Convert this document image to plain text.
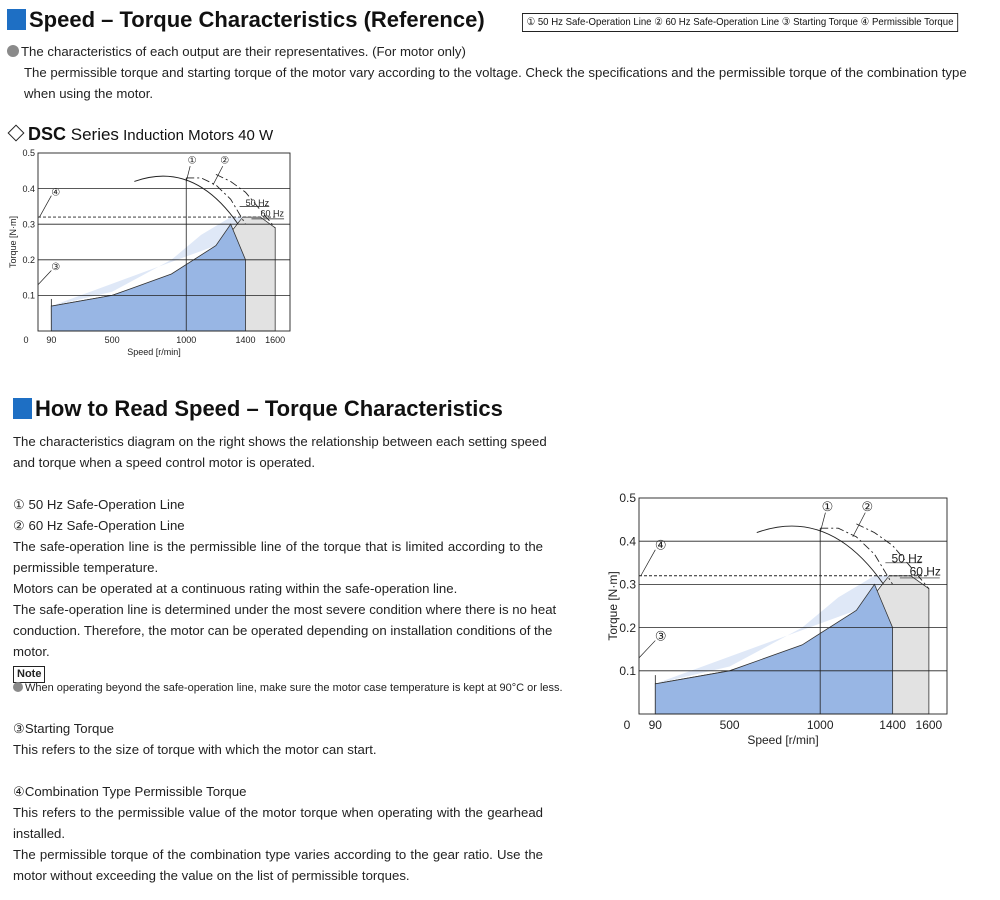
Speed – Torque Characteristics (Reference)	① 50 Hz Safe-Operation Line ② 60 Hz Safe-Operation Line ③ Starting Torque ④ Permissible Torque
The characteristics of each output are their representatives. (For motor only)
The permissible torque and starting torque of the motor vary according to the voltage. Check the specifications and the permissible torque of the combination type
when using the motor.
DSC Series Induction Motors 40 W
0.1
0.2
0.3
0.4
0.5
0 90	500	1000	1400 1600
Speed [r/min]
Torque [N·m]
① ②
③
④
50 Hz
60 Hz
How to Read Speed – Torque Characteristics
The characteristics diagram on the right shows the relationship between each setting speed
and torque when a speed control motor is operated.
① 50 Hz Safe-Operation Line
② 60 Hz Safe-Operation Line
The safe-operation line is the permissible line of the torque that is limited according to the
permissible temperature.
Motors can be operated at a continuous rating within the safe-operation line.
The safe-operation line is determined under the most severe condition where there is no heat
conduction. Therefore, the motor can be operated depending on installation conditions of the
motor.
Note
When operating beyond the safe-operation line, make sure the motor case temperature is kept at 90°C or less.
③Starting Torque
This refers to the size of torque with which the motor can start.
④Combination Type Permissible Torque
This refers to the permissible value of the motor torque when operating with the gearhead
installed.
The permissible torque of the combination type varies according to the gear ratio. Use the
motor without exceeding the value on the list of permissible torques.
0.1
0.2
0.3
0.4
0.5
0 90	500	1000	1400 1600
Speed [r/min]
Torque [N·m]
① ②
③
④
50 Hz
60 Hz
